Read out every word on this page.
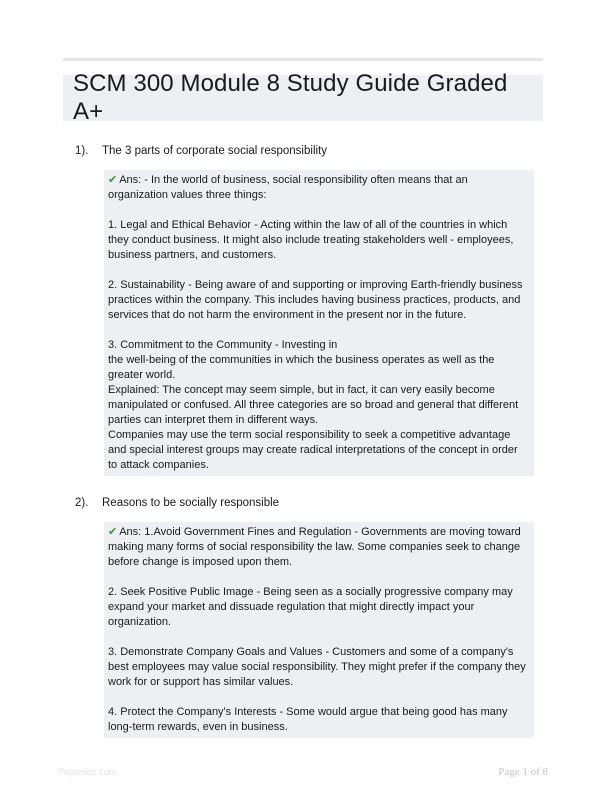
SCM 300 Module 8 Study Guide Graded A+
1). The 3 parts of corporate social responsibility

✔ Ans: - In the world of business, social responsibility often means that an organization values three things:

1. Legal and Ethical Behavior - Acting within the law of all of the countries in which they conduct business. It might also include treating stakeholders well - employees, business partners, and customers.

2. Sustainability - Being aware of and supporting or improving Earth-friendly business practices within the company. This includes having business practices, products, and services that do not harm the environment in the present nor in the future.

3. Commitment to the Community - Investing in

the well-being of the communities in which the business operates as well as the greater world.

Explained: The concept may seem simple, but in fact, it can very easily become manipulated or confused. All three categories are so broad and general that different parties can interpret them in different ways.

Companies may use the term social responsibility to seek a competitive advantage and special interest groups may create radical interpretations of the concept in order to attack companies.

2). Reasons to be socially responsible

✔ Ans: 1.Avoid Government Fines and Regulation - Governments are moving toward making many forms of social responsibility the law. Some companies seek to change before change is imposed upon them.

2. Seek Positive Public Image - Being seen as a socially progressive company may expand your market and dissuade regulation that might directly impact your organization.

3. Demonstrate Company Goals and Values - Customers and some of a company's best employees may value social responsibility. They might prefer if the company they work for or support has similar values.

4. Protect the Company's Interests - Some would argue that being good has many long-term rewards, even in business.

Paperdoc.com	Page 1 of 8
